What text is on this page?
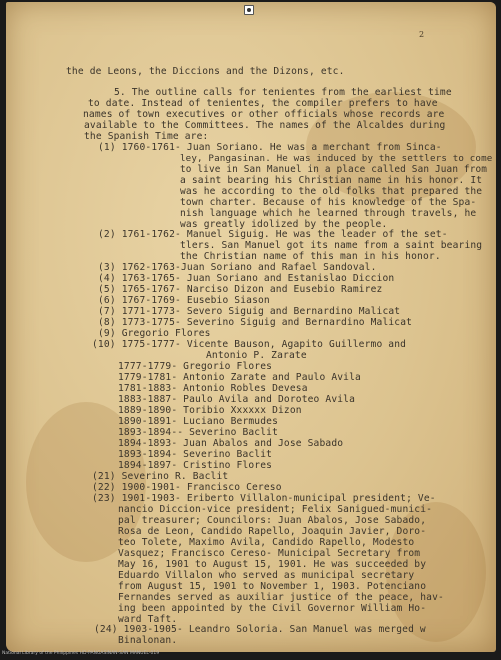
2
the de Leons, the Diccions and the Dizons, etc.
5. The outline calls for tenientes from the earliest time
to date. Instead of tenientes, the compiler prefers to have
names of town executives or other officials whose records are
available to the Committees. The names of the Alcaldes during
the Spanish Time are:
(1) 1760-1761- Juan Soriano. He was a merchant from Sinca-
ley, Pangasinan. He was induced by the settlers to come
to live in San Manuel in a place called San Juan from
a saint bearing his Christian name in his honor. It
was he according to the old folks that prepared the
town charter. Because of his knowledge of the Spa-
nish language which he learned through travels, he
was greatly idolized by the people.
(2) 1761-1762- Manuel Siguig. He was the leader of the set-
tlers. San Manuel got its name from a saint bearing
the Christian name of this man in his honor.
(3) 1762-1763-Juan Soriano and Rafael Sandoval.
(4) 1763-1765- Juan Soriano and Estanislao Diccion
(5) 1765-1767- Narciso Dizon and Eusebio Ramirez
(6) 1767-1769- Eusebio Siason
(7) 1771-1773- Severo Siguig and Bernardino Malicat
(8) 1773-1775- Severino Siguig and Bernardino Malicat
(9) Gregorio Flores
(10) 1775-1777- Vicente Bauson, Agapito Guillermo and
Antonio P. Zarate
1777-1779- Gregorio Flores
1779-1781- Antonio Zarate and Paulo Avila
1781-1883- Antonio Robles Devesa
1883-1887- Paulo Avila and Doroteo Avila
1889-1890- Toribio Xxxxxx Dizon
1890-1891- Luciano Bermudes
1893-1894-- Severino Baclit
1894-1893- Juan Abalos and Jose Sabado
1893-1894- Severino Baclit
1894-1897- Cristino Flores
(21) Severino R. Baclit
(22) 1900-1901- Francisco Cereso
(23) 1901-1903- Eriberto Villalon-municipal president; Ve-
nancio Diccion-vice president; Felix Sanigued-munici-
pal treasurer; Councilors: Juan Abalos, Jose Sabado,
Rosa de Leon, Candido Rapello, Joaquin Javier, Doro-
teo Tolete, Maximo Avila, Candido Rapello, Modesto
Vasquez; Francisco Cereso- Municipal Secretary from
May 16, 1901 to August 15, 1901. He was succeeded by
Eduardo Villalon who served as municipal secretary
from August 15, 1901 to November 1, 1903. Potenciano
Fernandes served as auxiliar justice of the peace, hav-
ing been appointed by the Civil Governor William Ho-
ward Taft.
(24) 1903-1905- Leandro Soloria. San Manuel was merged w
Binalonan.
National Library of the Philippines HD-PANGASINAN-SAN MANUEL-019
